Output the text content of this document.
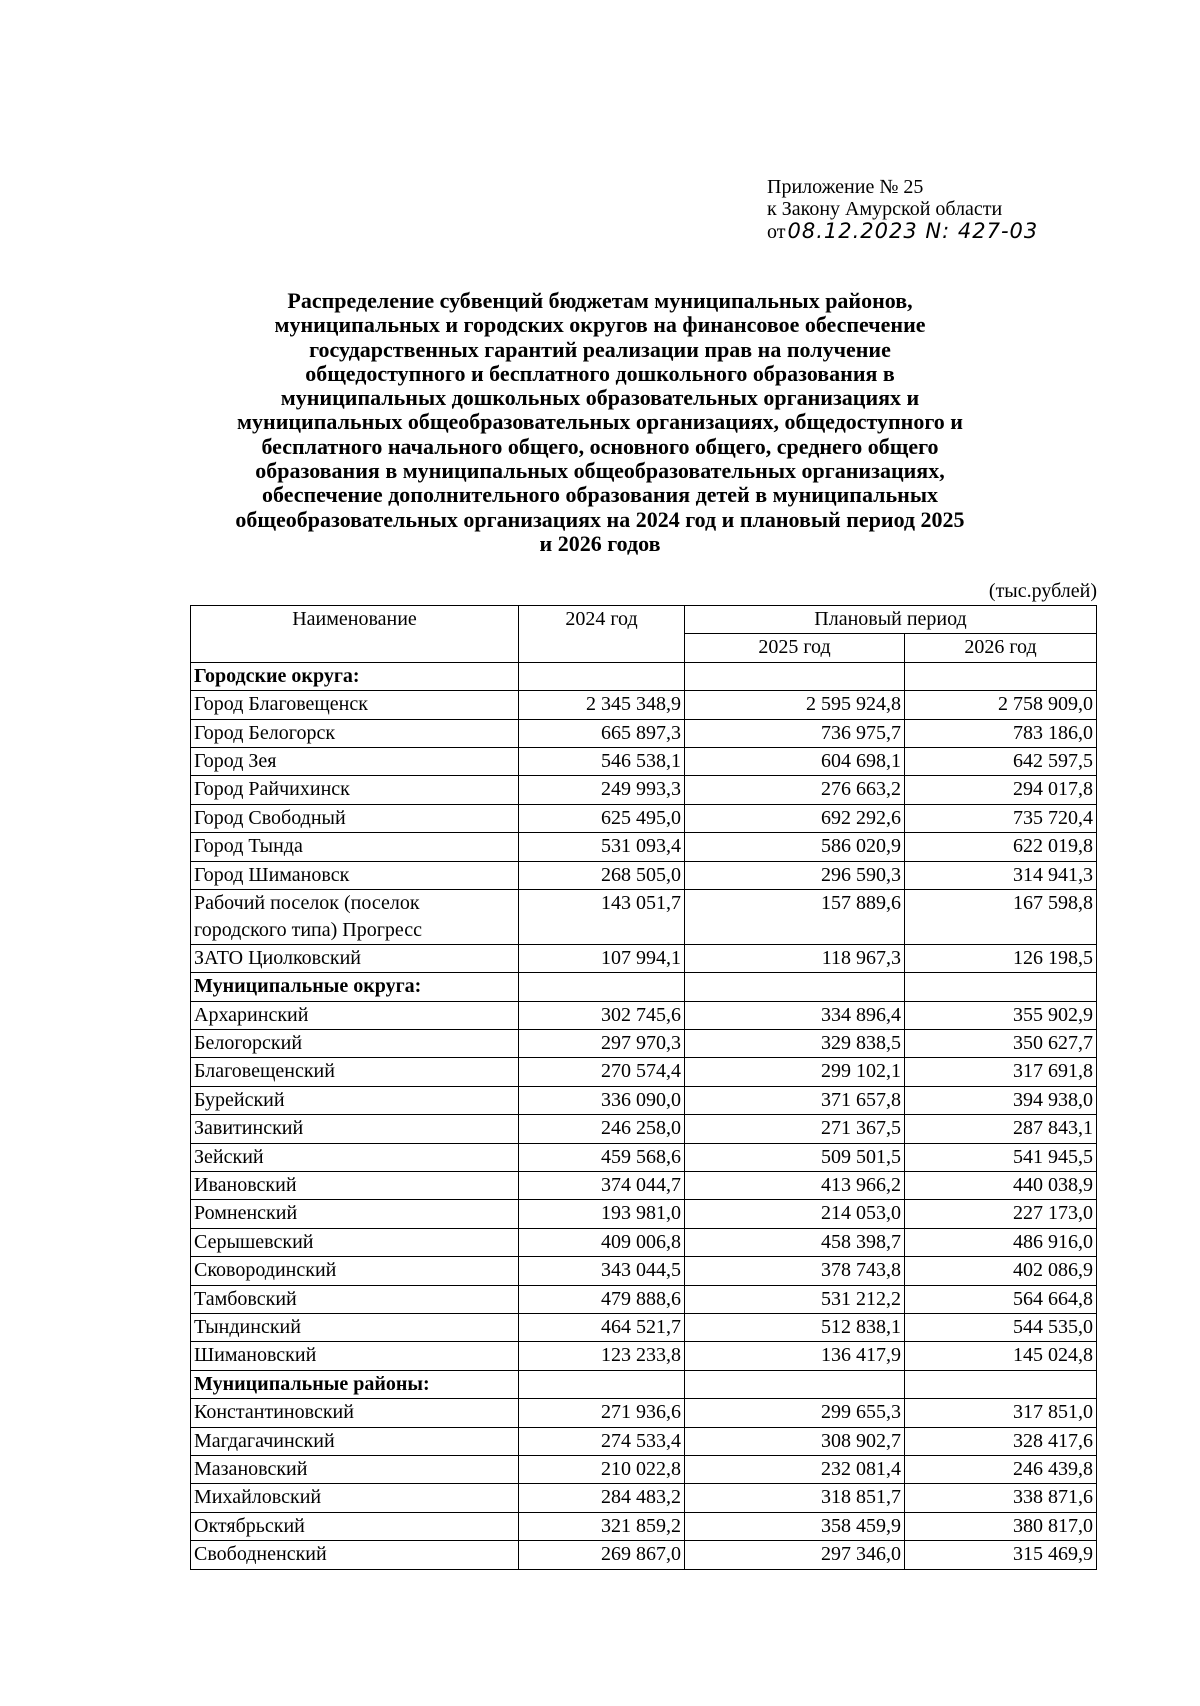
Приложение № 25
к Закону Амурской области
от08.12.2023 N: 427-03
Распределение субвенций бюджетам муниципальных районов,
муниципальных и городских округов на финансовое обеспечение
государственных гарантий реализации прав на получение
общедоступного и бесплатного дошкольного образования в
муниципальных дошкольных образовательных организациях и
муниципальных общеобразовательных организациях, общедоступного и
бесплатного начального общего, основного общего, среднего общего
образования в муниципальных общеобразовательных организациях,
обеспечение дополнительного образования детей в муниципальных
общеобразовательных организациях на 2024 год и плановый период 2025
и 2026 годов
(тыс.рублей)
Наименование	2024 год	Плановый период	
		2025 год	2026 год
Городские округа:			
Город Благовещенск	2 345 348,9	2 595 924,8	2 758 909,0
Город Белогорск	665 897,3	736 975,7	783 186,0
Город Зея	546 538,1	604 698,1	642 597,5
Город Райчихинск	249 993,3	276 663,2	294 017,8
Город Свободный	625 495,0	692 292,6	735 720,4
Город Тында	531 093,4	586 020,9	622 019,8
Город Шимановск	268 505,0	296 590,3	314 941,3
Рабочий поселок (поселок
городского типа) Прогресс	143 051,7	157 889,6	167 598,8
ЗАТО Циолковский	107 994,1	118 967,3	126 198,5
Муниципальные округа:			
Архаринский	302 745,6	334 896,4	355 902,9
Белогорский	297 970,3	329 838,5	350 627,7
Благовещенский	270 574,4	299 102,1	317 691,8
Бурейский	336 090,0	371 657,8	394 938,0
Завитинский	246 258,0	271 367,5	287 843,1
Зейский	459 568,6	509 501,5	541 945,5
Ивановский	374 044,7	413 966,2	440 038,9
Ромненский	193 981,0	214 053,0	227 173,0
Серышевский	409 006,8	458 398,7	486 916,0
Сковородинский	343 044,5	378 743,8	402 086,9
Тамбовский	479 888,6	531 212,2	564 664,8
Тындинский	464 521,7	512 838,1	544 535,0
Шимановский	123 233,8	136 417,9	145 024,8
Муниципальные районы:			
Константиновский	271 936,6	299 655,3	317 851,0
Магдагачинский	274 533,4	308 902,7	328 417,6
Мазановский	210 022,8	232 081,4	246 439,8
Михайловский	284 483,2	318 851,7	338 871,6
Октябрьский	321 859,2	358 459,9	380 817,0
Свободненский	269 867,0	297 346,0	315 469,9
